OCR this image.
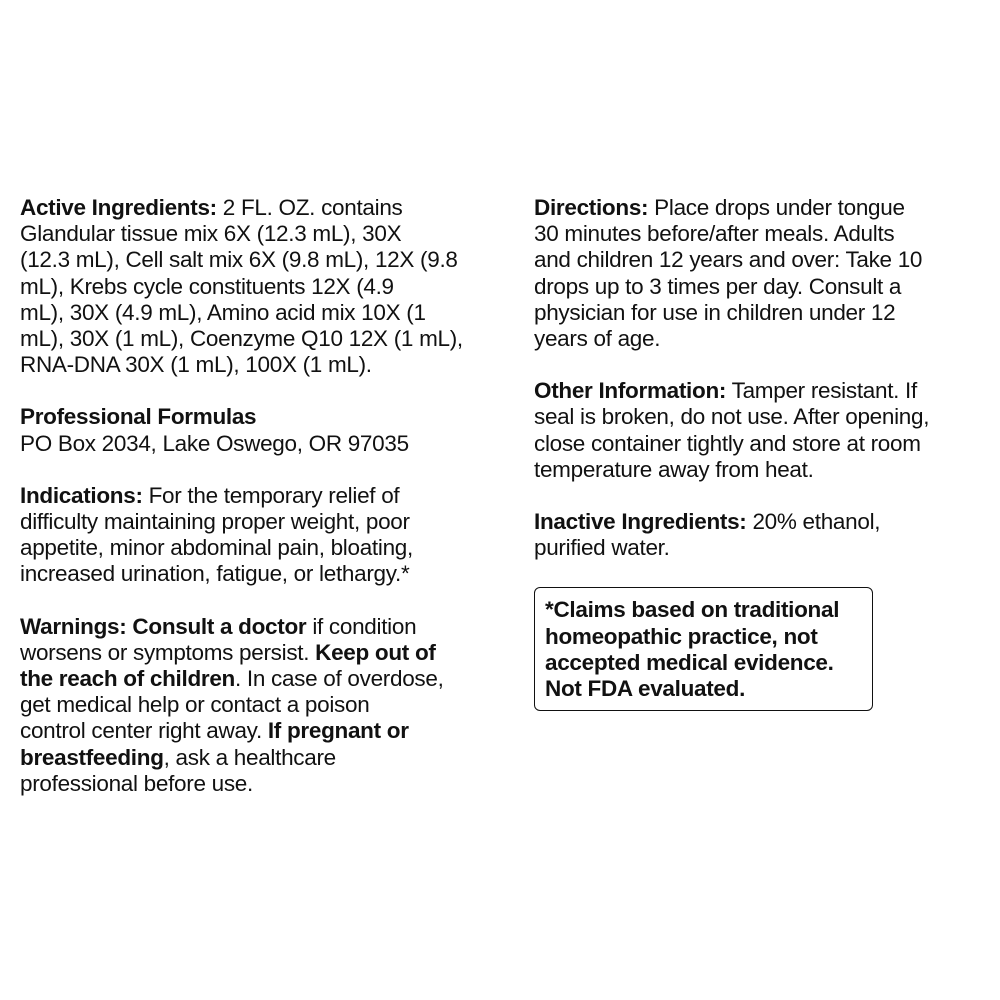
Active Ingredients: 2 FL. OZ. contains
Glandular tissue mix 6X (12.3 mL), 30X
(12.3 mL), Cell salt mix 6X (9.8 mL), 12X (9.8
mL), Krebs cycle constituents 12X (4.9
mL), 30X (4.9 mL), Amino acid mix 10X (1
mL), 30X (1 mL), Coenzyme Q10 12X (1 mL),
RNA-DNA 30X (1 mL), 100X (1 mL).
Professional Formulas
PO Box 2034, Lake Oswego, OR 97035
Indications: For the temporary relief of
difficulty maintaining proper weight, poor
appetite, minor abdominal pain, bloating,
increased urination, fatigue, or lethargy.*
Warnings: Consult a doctor if condition
worsens or symptoms persist. Keep out of
the reach of children. In case of overdose,
get medical help or contact a poison
control center right away. If pregnant or
breastfeeding, ask a healthcare
professional before use.
Directions: Place drops under tongue
30 minutes before/after meals. Adults
and children 12 years and over: Take 10
drops up to 3 times per day. Consult a
physician for use in children under 12
years of age.
Other Information: Tamper resistant. If
seal is broken, do not use. After opening,
close container tightly and store at room
temperature away from heat.
Inactive Ingredients: 20% ethanol,
purified water.
*Claims based on traditional
homeopathic practice, not
accepted medical evidence.
Not FDA evaluated.
